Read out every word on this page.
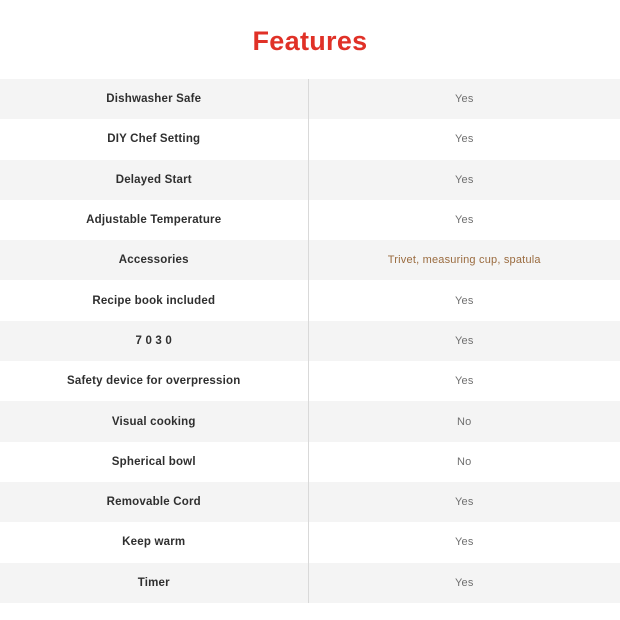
Features
Dishwasher Safe	Yes
DIY Chef Setting	Yes
Delayed Start	Yes
Adjustable Temperature	Yes
Accessories	Trivet, measuring cup, spatula
Recipe book included	Yes
7 0 3 0	Yes
Safety device for overpression	Yes
Visual cooking	No
Spherical bowl	No
Removable Cord	Yes
Keep warm	Yes
Timer	Yes
